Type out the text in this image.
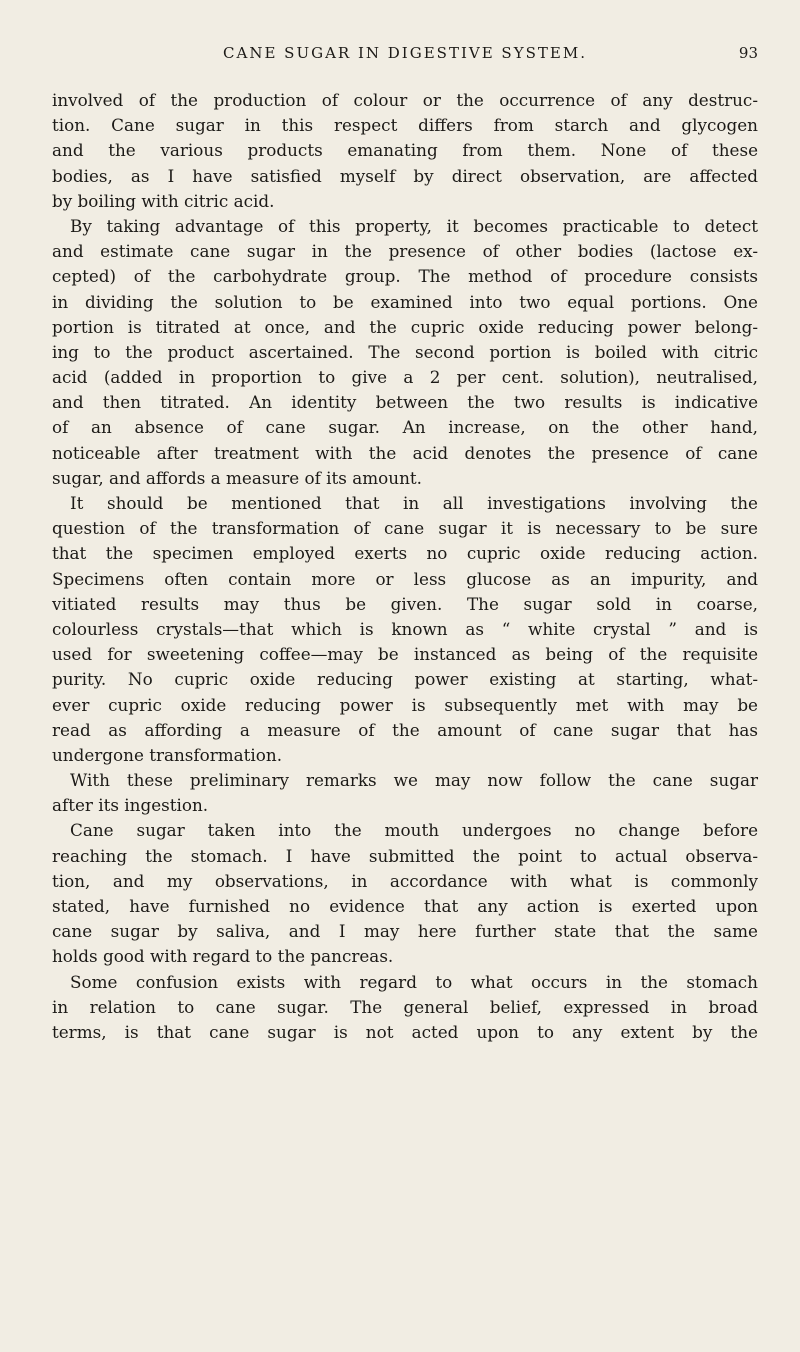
CANE SUGAR IN DIGESTIVE SYSTEM.	93
involved of the production of colour or the occurrence of any destruc-
tion. Cane sugar in this respect differs from starch and glycogen
and the various products emanating from them. None of these
bodies, as I have satisfied myself by direct observation, are affected
by boiling with citric acid.
By taking advantage of this property, it becomes practicable to detect
and estimate cane sugar in the presence of other bodies (lactose ex-
cepted) of the carbohydrate group. The method of procedure consists
in dividing the solution to be examined into two equal portions. One
portion is titrated at once, and the cupric oxide reducing power belong-
ing to the product ascertained. The second portion is boiled with citric
acid (added in proportion to give a 2 per cent. solution), neutralised,
and then titrated. An identity between the two results is indicative
of an absence of cane sugar. An increase, on the other hand,
noticeable after treatment with the acid denotes the presence of cane
sugar, and affords a measure of its amount.
It should be mentioned that in all investigations involving the
question of the transformation of cane sugar it is necessary to be sure
that the specimen employed exerts no cupric oxide reducing action.
Specimens often contain more or less glucose as an impurity, and
vitiated results may thus be given. The sugar sold in coarse,
colourless crystals—that which is known as “ white crystal ” and is
used for sweetening coffee—may be instanced as being of the requisite
purity. No cupric oxide reducing power existing at starting, what-
ever cupric oxide reducing power is subsequently met with may be
read as affording a measure of the amount of cane sugar that has
undergone transformation.
With these preliminary remarks we may now follow the cane sugar
after its ingestion.
Cane sugar taken into the mouth undergoes no change before
reaching the stomach. I have submitted the point to actual observa-
tion, and my observations, in accordance with what is commonly
stated, have furnished no evidence that any action is exerted upon
cane sugar by saliva, and I may here further state that the same
holds good with regard to the pancreas.
Some confusion exists with regard to what occurs in the stomach
in relation to cane sugar. The general belief, expressed in broad
terms, is that cane sugar is not acted upon to any extent by the
